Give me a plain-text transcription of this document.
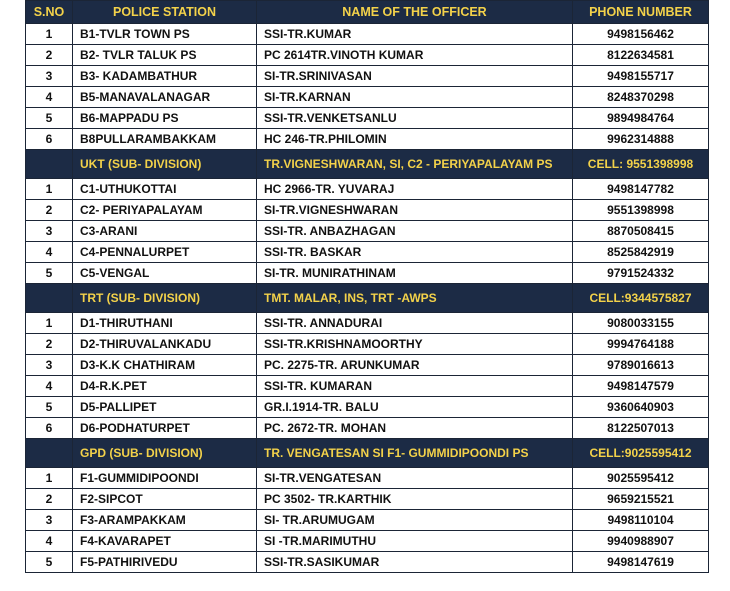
S.NO	POLICE STATION	NAME OF THE OFFICER	PHONE NUMBER
1	B1-TVLR TOWN PS	SSI-TR.KUMAR	9498156462
2	B2- TVLR TALUK PS	PC 2614TR.VINOTH KUMAR	8122634581
3	B3- KADAMBATHUR	SI-TR.SRINIVASAN	9498155717
4	B5-MANAVALANAGAR	SI-TR.KARNAN	8248370298
5	B6-MAPPADU PS	SSI-TR.VENKETSANLU	9894984764
6	B8PULLARAMBAKKAM	HC 246-TR.PHILOMIN	9962314888
	UKT (SUB- DIVISION)	TR.VIGNESHWARAN, SI, C2 - PERIYAPALAYAM PS	CELL: 9551398998
1	C1-UTHUKOTTAI	HC 2966-TR. YUVARAJ	9498147782
2	C2- PERIYAPALAYAM	SI-TR.VIGNESHWARAN	9551398998
3	C3-ARANI	SSI-TR. ANBAZHAGAN	8870508415
4	C4-PENNALURPET	SSI-TR. BASKAR	8525842919
5	C5-VENGAL	SI-TR. MUNIRATHINAM	9791524332
	TRT (SUB- DIVISION)	TMT. MALAR, INS, TRT -AWPS	CELL:9344575827
1	D1-THIRUTHANI	SSI-TR. ANNADURAI	9080033155
2	D2-THIRUVALANKADU	SSI-TR.KRISHNAMOORTHY	9994764188
3	D3-K.K CHATHIRAM	PC. 2275-TR. ARUNKUMAR	9789016613
4	D4-R.K.PET	SSI-TR. KUMARAN	9498147579
5	D5-PALLIPET	GR.I.1914-TR. BALU	9360640903
6	D6-PODHATURPET	PC. 2672-TR. MOHAN	8122507013
	GPD (SUB- DIVISION)	TR. VENGATESAN SI F1- GUMMIDIPOONDI PS	CELL:9025595412
1	F1-GUMMIDIPOONDI	SI-TR.VENGATESAN	9025595412
2	F2-SIPCOT	PC 3502- TR.KARTHIK	9659215521
3	F3-ARAMPAKKAM	SI- TR.ARUMUGAM	9498110104
4	F4-KAVARAPET	SI -TR.MARIMUTHU	9940988907
5	F5-PATHIRIVEDU	SSI-TR.SASIKUMAR	9498147619
